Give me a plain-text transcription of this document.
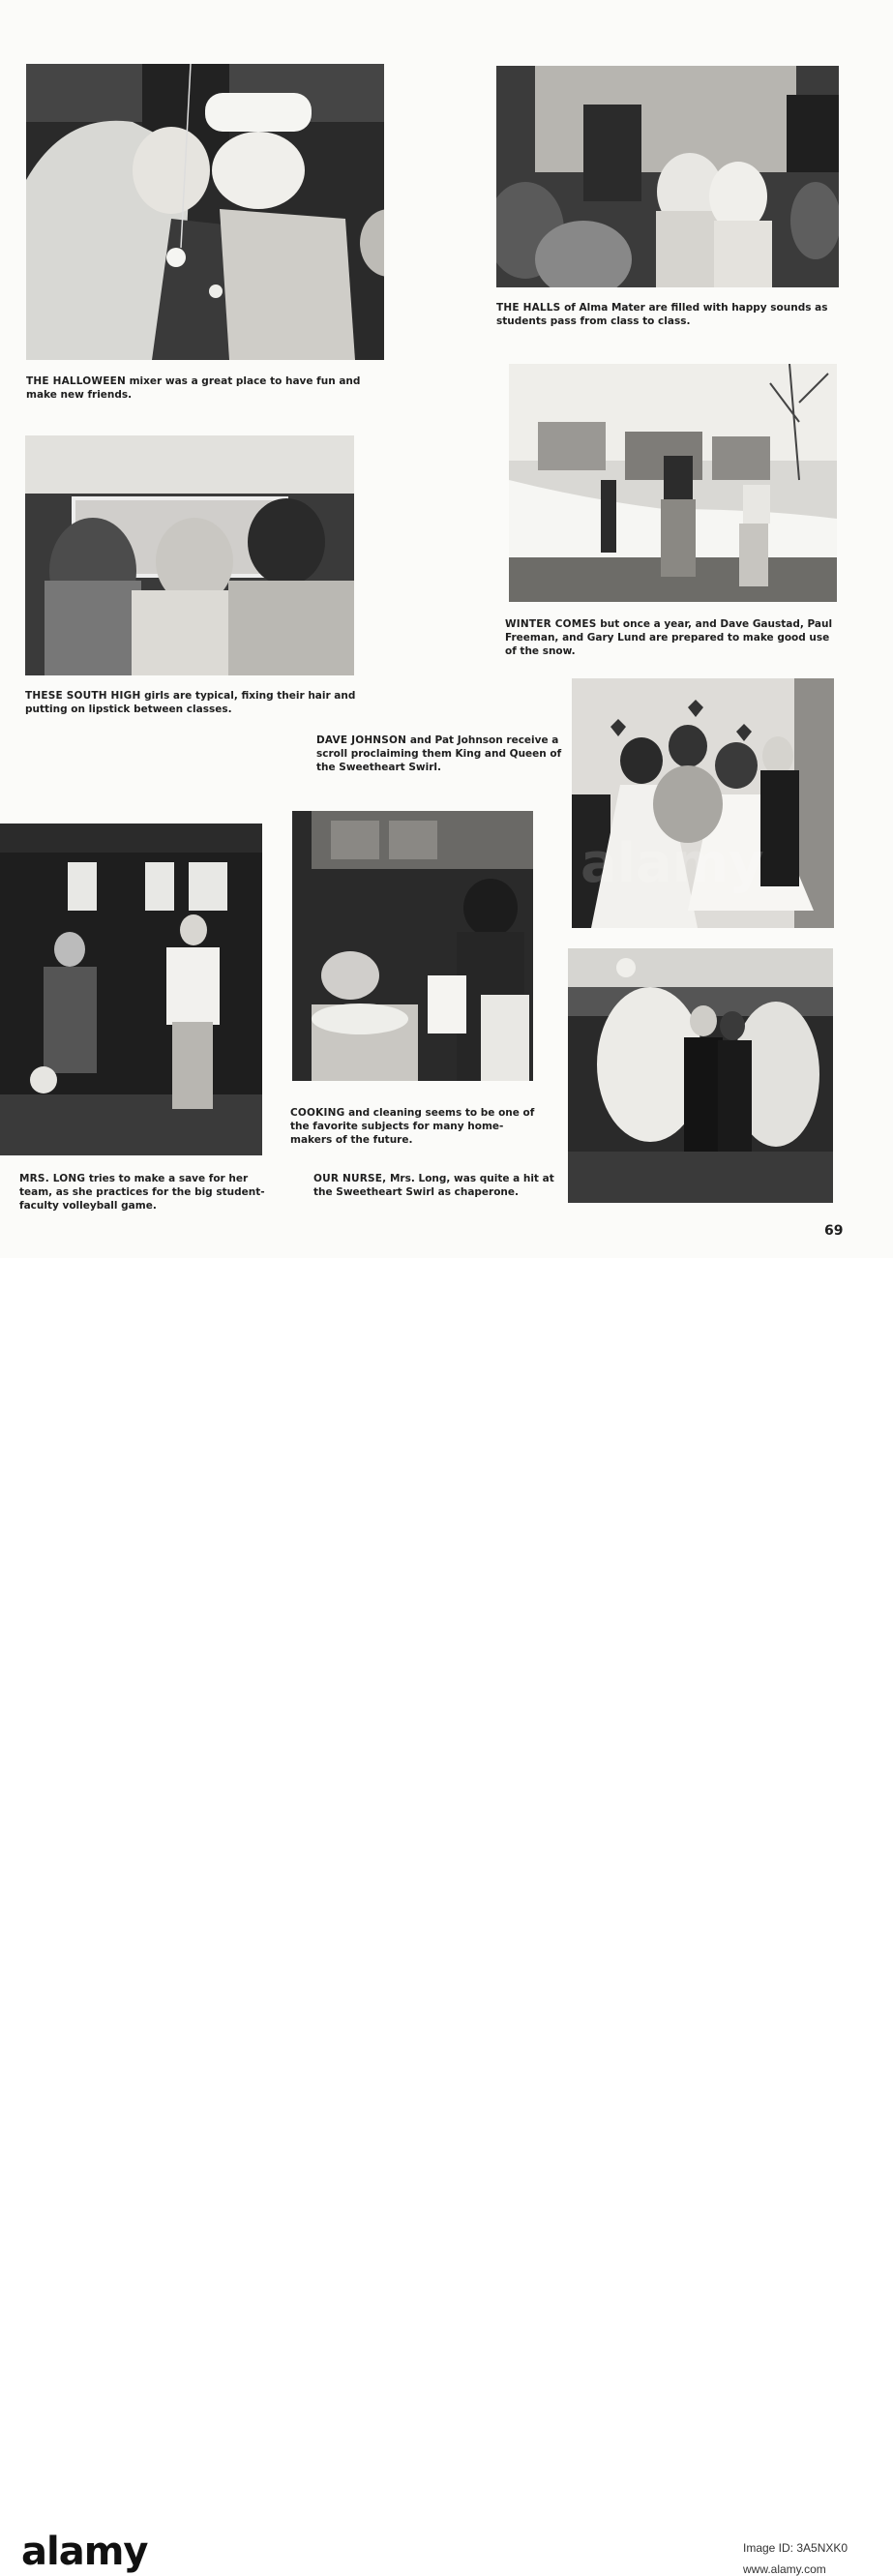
THE HALLS of Alma Mater are filled with happy sounds as students pass from class to class.
THE HALLOWEEN mixer was a great place to have fun and make new friends.
WINTER COMES but once a year, and Dave Gaustad, Paul Freeman, and Gary Lund are prepared to make good use of the snow.
THESE SOUTH HIGH girls are typical, fixing their hair and putting on lipstick between classes.
DAVE JOHNSON and Pat Johnson receive a scroll proclaiming them King and Queen of the Sweetheart Swirl.
COOKING and cleaning seems to be one of the favorite subjects for many home-makers of the future.
MRS. LONG tries to make a save for her team, as she practices for the big student-faculty volleyball game.
OUR NURSE, Mrs. Long, was quite a hit at the Sweetheart Swirl as chaperone.
69
alamy	Image ID: 3A5NXK0
www.alamy.com
